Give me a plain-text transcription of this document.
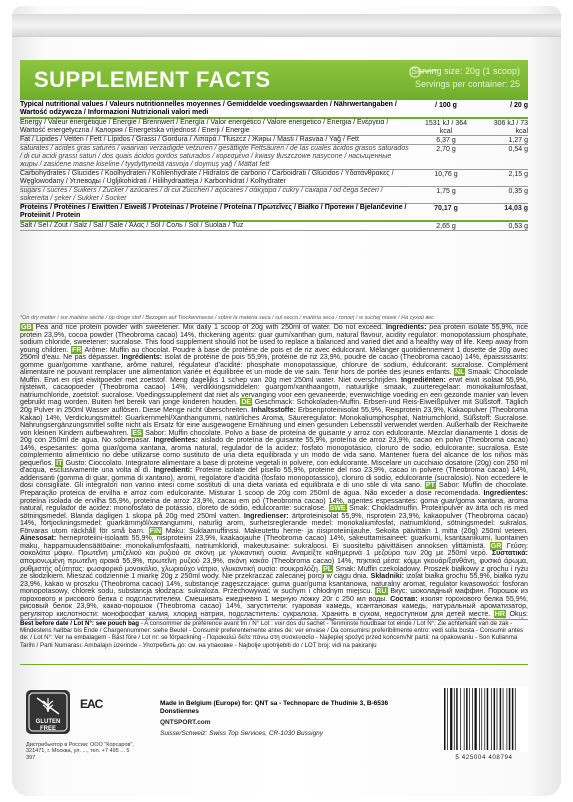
SUPPLEMENT FACTS	Serving size: 20g (1 scoop)
Servings per container: 25
Typical nutritional values / Valeurs nutritionnelles moyennes / Gemiddelde voedingswaarden / Nährwertangaben / Wartość odżywcza / Informazioni Nutrizionali valori medi
/ 100 g	/ 20 g
Energy / Valeur énergétique / Energie / Brennwert / Energía / Valor energético / Valore energetico / Energia / Ενέργεια / Wartość energetyczna / Калория / Energetska vrijednost / Enerji / Energie
1531 kJ / 364 kcal
306 kJ / 73 kcal
Fat / Lipides / Vetten / Fett / Lípidos / Grassi / Gordura / Λιπαρά / Tłuszcz / Жиры / Masti / Rasvaa / Yağ / Fett	6,37 g	1,27 g
saturates / acides gras saturés / waarvan verzadigde vetzuren / gesättigte Fettsäuren / de las cuales ácidos grasos saturados / di cui acidi grassi saturi / dos quais ácidos gordos saturados / κορεσμένα / kwasy tłuszczowe nasycone / насыщенные жиры / zasićene masne kiseline / tyydyttyneitä rasvoja / doymuş yağ / Mättat fett
2,70 g	0,54 g
Carbohydrates / Glucides / Koolhydraten / Kohlenhydrate / Hidratos de carbono / Carboidrati / Glúcidos / Υδατάνθρακες / Węglowodany / Углеводы / Ugljikohidrati / Hiilihydraatteja / Karbonhidrat / Kolhydrater
10,76 g	2,15 g
sugars / sucres / Suikers / Zucker / azúcares / di cui Zuccheri / açúcares / σάκχαρα / cukry / сахара / od čega šećeri / sokereita / şeker / Sukker / Socker
1,75 g	0,35 g
Proteins / Protéines / Eiwitten / Eiweiß / Proteínas / Proteine / Proteína / Πρωτεΐνες / Białko / Протеин / Bjelančevine / Proteiinit / Protein
70,17 g	14,03 g
Salt / Sel / Zout / Salz / Sal / Sale / Άλας / Sól / Соль / Sol / Suolaa / Tuz	2,65 g	0,53 g
*On dry matter / sur matière sèche / op droge stof / Bezogen auf Trockenmasse / sobre la materia seca / sul secco / matéria seca / τοπική / w suchej masie / На сухой вес

GB Pea and rice protein powder with sweetener. Mix daily 1 scoop of 20g with 250ml of water. Do not exceed. Ingredients: pea protein isolate 55,9%, rice protein 23,9%, cocoa powder (Theobroma cacao) 14%, thickening agents: guar gum/xanthan gum, natural flavour, acidity regulator: monopotassium phosphate, sodium chloride, sweetener: sucralose. This food supplement should not be used to replace a balanced and varied diet and a healthy way of life. Keep away from young children. FR Arôme: Muffin au chocolat. Poudre à base de protéine de pois et de riz avec édulcorant. Mélanger quotidiennement 1 dosette de 20g avec 250ml d'eau. Ne pas dépasser. Ingrédients: isolat de protéine de pois 55,9%, protéine de riz 23,9%, poudre de cacao (Theobroma cacao) 14%, épaississants: gomme guar/gomme xanthane, arôme naturel, régulateur d'acidité: phosphate monopotassique, chlorure de sodium, édulcorant: sucralose. Complément alimentaire ne pouvant remplacer une alimentation variée et équilibrée et un mode de vie sain. Tenir hors de portée des jeunes enfants. NL Smaak: Chocolade Muffin. Erwt en rijst eiwitpoeder met zoetstof. Meng dagelijks 1 schep van 20g met 250ml water. Niet overschrijden. Ingrediënten: erwt eiwit isolaat 55,9%, rijsteiwit, cacaopoeder (Theobroma cacao) 14%, verdikkingsmiddelen: guargom/xanthaangom, natuurlijke smaak, zuurteregelaar: monokaliumfosfaat, natriumchloride, zoetstof: sucralose. Voedingssupplement dat niet als vervanging voor een gevarieerde, evenwichtige voeding en een gezonde manier van leven gebruikt mag worden. Buiten het bereik van jonge kinderen houden. DE Geschmack: Schokoladen-Muffin. Erbsen-und Reis-Eiweißpulver mit Süßstoff. Täglich 20g Pulver in 250ml Wasser auflösen. Diese Menge nicht überschreiten. Inhaltsstoffe: Erbsenproteinisolat 55,9%, Reisprotein 23,9%, Kakaopulver (Theobroma Kakao) 14%, Verdickungsmittel: Guarkernmehl/Xanthangummi, natürliches Aroma, Säureregulator: Monokaliumphosphat, Natriumchlorid, Süßstoff: Sucralose. Nahrungsergänzungsmittel sollte nicht als Ersatz für eine ausgewogene Ernährung und einen gesunden Lebensstil verwendet werden. Außerhalb der Reichweite von kleinen Kindern aufbewahren. ES Sabor: Muffin chocolate. Polvo a base de proteína de guisante y arroz con edulcorante. Mezclar diariamente 1 dosis de 20g con 250ml de agua. No sobrepasar. Ingredientes: aislado de proteína de guisante 55,9%, proteína de arroz 23,9%, cacao en polvo (Theobroma cacao) 14%, espesantes: goma guar/goma xantana, aroma natural, regulador de la acidez: fosfato monopotásico, cloruro de sodio, edulcorante: sucralosa. Este complemento alimenticio no debe utilizarse como sustituto de una dieta equilibrada y un modo de vida sano. Mantener fuera del alcance de los niños más pequeños. IT Gusto: Cioccolato. Integratore alimentare a base di proteine vegetali in polvere, con edulcorante. Miscelare un cucchiaio dosatore (20g) con 250 ml d'acqua, esclusivamente una volta al dì. Ingredienti: Proteine isolate del pisello 55,9%, proteine del riso 23,9%, cacao in polvere (Theobroma cacao) 14%, addensanti (gomma di guar, gomma di xantano), aromi, regolatore d'acidità (fosfato monopotassico), cloruro di sodio, edulcorante (sucralosio). Non eccedere le dosi consigliate. Gli integratori non vanno intesi come sostituti di una dieta variata ed equilibrata e di uno stile di vita sano. PT Sabor: Muffin de chocolate. Preparação proteica de ervilha e arroz com edulcorante. Misturar 1 scoop de 20g com 250ml de água. Não exceder a dose recomendada. Ingredientes: proteína isolada de ervilha 55,9%, proteína de arroz 23,9%, cacau em pó (Theobroma cacao) 14%, agentes espessantes: goma guar/goma xantana, aroma natural, regulador de acidez: monofosfato de potássio, cloreto de sódio, edulcorante: sucralose. SWE Smak: Chokladmuffin. Proteinpulver av ärta och ris med sötningsmedel. Blanda dagligen 1 skopa på 20g med 250ml vatten. Ingredienser: ärtproteinisolat 55,9%, risprotein 23,9%, kakaopulver (Theobroma cacao) 14%, förtjockningsmedel: guarkärnmjöl/xantangummi, naturlig arom, surhetsreglerande medel: monokaliumfosfat, natriumklorid, sötningsmedel: sukralos. Förvaras utom räckhåll för små barn. FIN Maku: Suklaamuffinssi. Makeutettu herne- ja riisiproteiinijauhe. Sekoita päivittäin 1 mitta (20g) 250ml veteen. Ainesosat: herneproteiini-isolaatti 55,9%, riisiproteiini 23,9%, kaakaojauhe (Theobroma cacao) 14%, sakeuttamisaineet: guarkumi, ksantaanikumi, luontainen maku, happamuudensäätöaine: monokaliumfosfaatti, natriumkloridi, makeutusaine: sukraloosi. Ei suositeltu päivittäisen annoksen ylittämistä. GR Γεύση: σοκολάτα μάφιν. Πρωτεΐνη μπιζελιού και ρυζιού σε σκόνη με γλυκαντική ουσία. Αναμείξτε καθημερινά 1 μεζούρα των 20g με 250ml νερό. Συστατικά: απομονωμένη πρωτεΐνη αρακά 55,9%, πρωτεΐνη ρυζιού 23,9%, σκόνη κακάο (Theobroma cacao) 14%, πηκτικά μέσα: κόμμι γκουάρ/ξανθάνη, φυσικό άρωμα, ρυθμιστής οξύτητας: φωσφορικό μονοκάλιο, χλωριούχο νάτριο, γλυκαντική ουσία: σουκραλόζη. PL Smak: Muffin czekoladowy. Proszek białkowy z grochu i ryżu ze słodzikiem. Mieszać codziennie 1 miarkę 20g z 250ml wody. Nie przekraczać zalecanej porcji w ciągu dnia. Składniki: izolat białka grochu 55,9%, białko ryżu 23,9%, kakao w proszku (Theobroma cacao) 14%, substancje zagęszczające: guma guar/guma ksantanowa, naturalny aromat, regulator kwasowości: fosforan monopotasowy, chlorek sodu, substancja słodząca: sukraloza. Przechowywać w suchym i chłodnym miejscu. RU Вкус: шоколадный маффин. Порошок из горохового и рисового белка с подсластителем. Смешивать ежедневно 1 мерную ложку 20г с 250 мл воды. Состав: изолят горохового белка 55,9%, рисовый белок 23,9%, какао-порошок (Theobroma cacao) 14%, загустители: гуаровая камедь, ксантановая камедь, натуральный ароматизатор, регулятор кислотности: монофосфат калия, хлорид натрия, подсластитель: сукралоза. Хранить в сухом, недоступном для детей месте. HR Okus:

Best before date / Lot N°: see pouch bag - A consommer de préférence avant fin / N° Lot : voir dos du sachet - Tenminste houdbaar tot einde / Lot N°: Zie achterkant van de zak - Mindestens haltbar bis Ende / Chargennummer: siehe Beutel - Consumir preferentemente antes de: ver envase / Da consumirsi preferibilmente entro: vedi sulla busta - Consumir antes de: / Lot N°: Ver na embalagem - Bäst före / Lot nr: se förpackning - Παρακαλώ δείτε πάνω στη συσκευασία - Najlepiej spożyć przed końcem/Nr partii: na opakowaniu - Son Kullanma Tarihi / Parti Numarası: Ambalajın üzerinde - Употребить до: см. на упаковке - Najbolje upotrijebiti do / LOT broj: vidi na pakiranju
GLUTEN
FREE
EAC
Дистрибьютор в России: ООО "Корсаров", 321471, г. Москва, ул. ..., тел. +7 495 ... 5 397
Made in Belgium (Europe) for: QNT sa - Technoparc de Thudinie 3, B-6536 Donstiennes
QNTSPORT.com
Suisse/Schweiz: Swiss Top Services, CR-1030 Bussigny
5 425004 408794
